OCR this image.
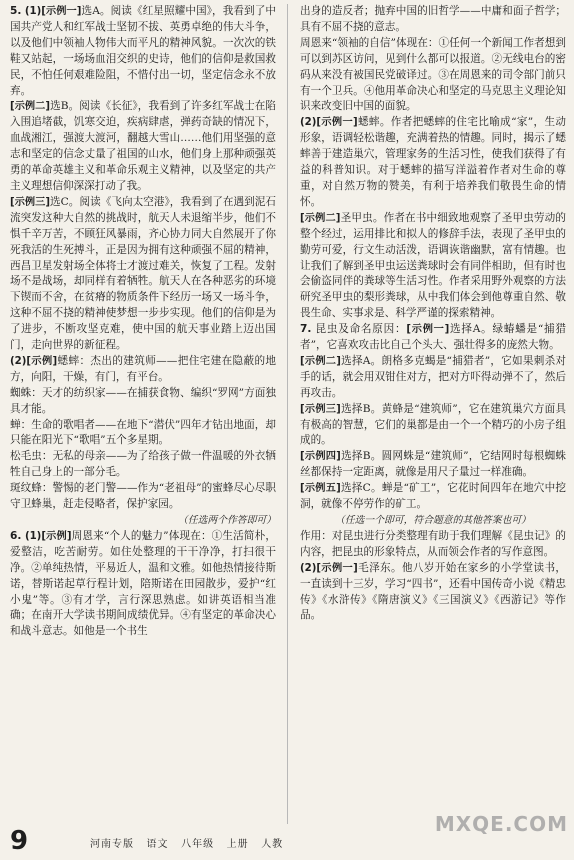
5. (1)[示例一]选A。阅读《红星照耀中国》，我看到了中国共产党人和红军战士坚韧不拔、英勇卓绝的伟大斗争，以及他们中领袖人物伟大而平凡的精神风貌。一次次的铁鞋又站起，一场场血泪交织的史诗，他们的信仰是救国救民，不怕任何艰难险阻，不惜付出一切，坚定信念永不放弃。

[示例二]选B。阅读《长征》，我看到了许多红军战士在陷入围追堵截，饥寒交迫，疾病肆虐，弹药奇缺的情况下，血战湘江，强渡大渡河，翻越大雪山……他们用坚强的意志和坚定的信念丈量了祖国的山水，他们身上那种顽强英勇的革命英雄主义和革命乐观主义精神，以及坚定的共产主义理想信仰深深打动了我。

[示例三]选C。阅读《飞向太空港》，我看到了在遇到泥石流突发这种大自然的挑战时，航天人未退缩半步，他们不惧千辛万苦，不顾狂风暴雨，齐心协力同大自然展开了你死我活的生死搏斗，正是因为拥有这种顽强不屈的精神，西昌卫星发射场全体将士才渡过难关，恢复了工程。发射场不是战场，却同样有着牺牲。航天人在各种恶劣的环境下锲而不舍，在贫瘠的物质条件下经历一场又一场斗争，这种不屈不挠的精神使梦想一步步实现。他们的信仰是为了进步，不断攻坚克难，使中国的航天事业踏上迈出国门，走向世界的新征程。

(2)[示例]蟋蟀：杰出的建筑师——把住宅建在隐蔽的地方，向阳，干燥，有门，有平台。

蜘蛛：天才的纺织家——在捕获食物、编织“罗网”方面独具才能。

蝉：生命的歌唱者——在地下“潜伏”四年才钻出地面，却只能在阳光下“歌唱”五个多星期。

松毛虫：无私的母亲——为了给孩子做一件温暖的外衣牺牲自己身上的一部分毛。

斑纹蜂：警惕的老门警——作为“老祖母”的蜜蜂尽心尽职守卫蜂巢，赶走侵略者，保护家园。

（任选两个作答即可）

6. (1)[示例]周恩来“个人的魅力”体现在：①生活简朴，爱整洁，吃苦耐劳。如住处整理的干干净净，打扫很干净。②单纯热情，平易近人，温和文雅。如他热情接待斯诺，替斯诺起草行程计划，陪斯诺在田园散步，爱护“红小鬼”等。③有才学，言行深思熟虑。如讲英语相当准确；在南开大学读书期间成绩优异。④有坚定的革命决心和战斗意志。如他是一个书生

出身的造反者；抛弃中国的旧哲学——中庸和面子哲学；具有不屈不挠的意志。

周恩来“领袖的自信”体现在：①任何一个新闻工作者想到可以到苏区访问，见到什么都可以报道。②无线电台的密码从来没有被国民党破译过。③在周恩来的司令部门前只有一个卫兵。④他用革命决心和坚定的马克思主义理论知识来改变旧中国的面貌。

(2)[示例一]蟋蟀。作者把蟋蟀的住宅比喻成“家”，生动形象，语调轻松谐趣，充满着热的情趣。同时，揭示了蟋蟀善于建造巢穴，管理家务的生活习性，使我们获得了有益的科普知识。对于蟋蟀的描写洋溢着作者对生命的尊重，对自然万物的赞美，有利于培养我们敬畏生命的情怀。

[示例二]圣甲虫。作者在书中细致地观察了圣甲虫劳动的整个经过，运用排比和拟人的修辞手法，表现了圣甲虫的勤劳可爱，行文生动活泼，语调诙谐幽默，富有情趣。也让我们了解到圣甲虫运送粪球时会有同伴相助，但有时也会偷盗同伴的粪球等生活习性。作者采用野外观察的方法研究圣甲虫的梨形粪球，从中我们体会到他尊重自然、敬畏生命、实事求是、科学严谨的探索精神。

7. 昆虫及命名原因：[示例一]选择A。绿蝽蟠是“捕猎者”，它喜欢攻击比自己个头大、强壮得多的庞然大物。

[示例二]选择A。朗格多克蝎是“捕猎者”，它如果刺杀对手的话，就会用双钳住对方，把对方吓得动弹不了，然后再攻击。

[示例三]选择B。黄蜂是“建筑师”，它在建筑巢穴方面具有极高的智慧，它们的巢都是由一个一个精巧的小房子组成的。

[示例四]选择B。圆网蛛是“建筑师”，它结网时每根蜘蛛丝都保持一定距离，就像是用尺子量过一样准确。

[示例五]选择C。蝉是“矿工”，它花时间四年在地穴中挖洞，就像不停劳作的矿工。

（任选一个即可，符合题意的其他答案也可）

作用：对昆虫进行分类整理有助于我们理解《昆虫记》的内容，把昆虫的形象特点，从而领会作者的写作意图。

(2)[示例一]毛泽东。他八岁开始在家乡的小学堂读书，一直读到十三岁，学习“四书”，还看中国传奇小说《精忠传》《水浒传》《隋唐演义》《三国演义》《西游记》等作品。

MXQE.COM
9	河南专版 语文 八年级 上册 人教
